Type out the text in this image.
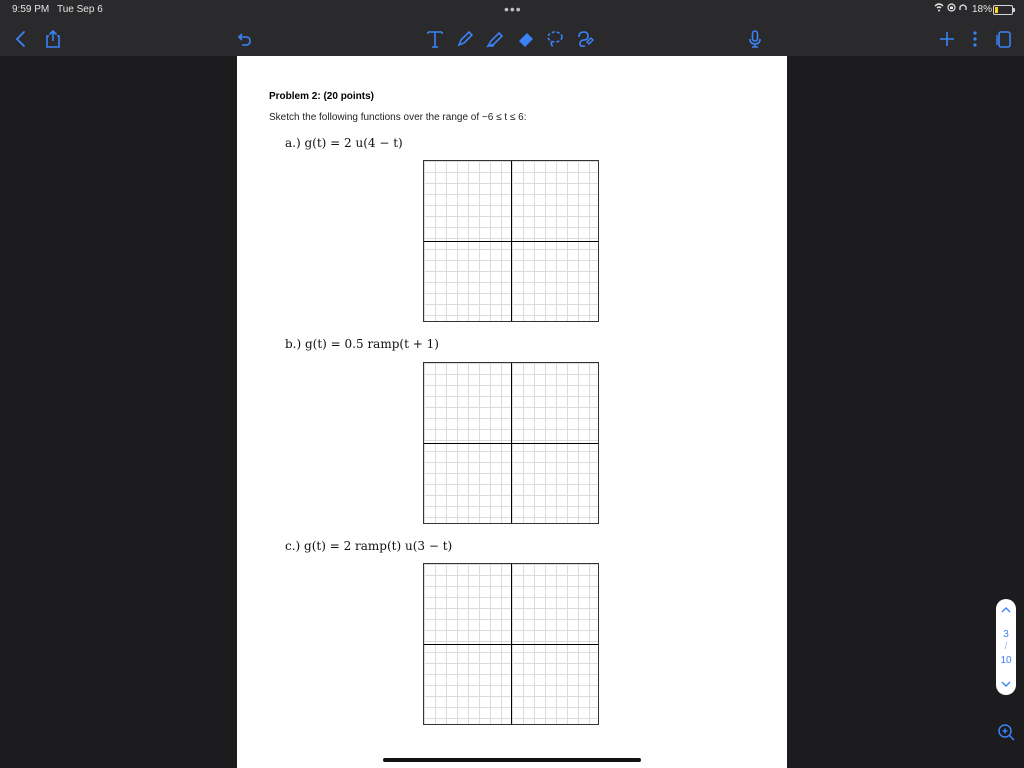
9:59 PM Tue Sep 6	•••
	18%
Problem 2: (20 points)
Sketch the following functions over the range of −6 ≤ t ≤ 6:
a.) g(t) = 2 u(4 − t)
b.) g(t) = 0.5 ramp(t + 1)
c.) g(t) = 2 ramp(t) u(3 − t)
3
/
10
